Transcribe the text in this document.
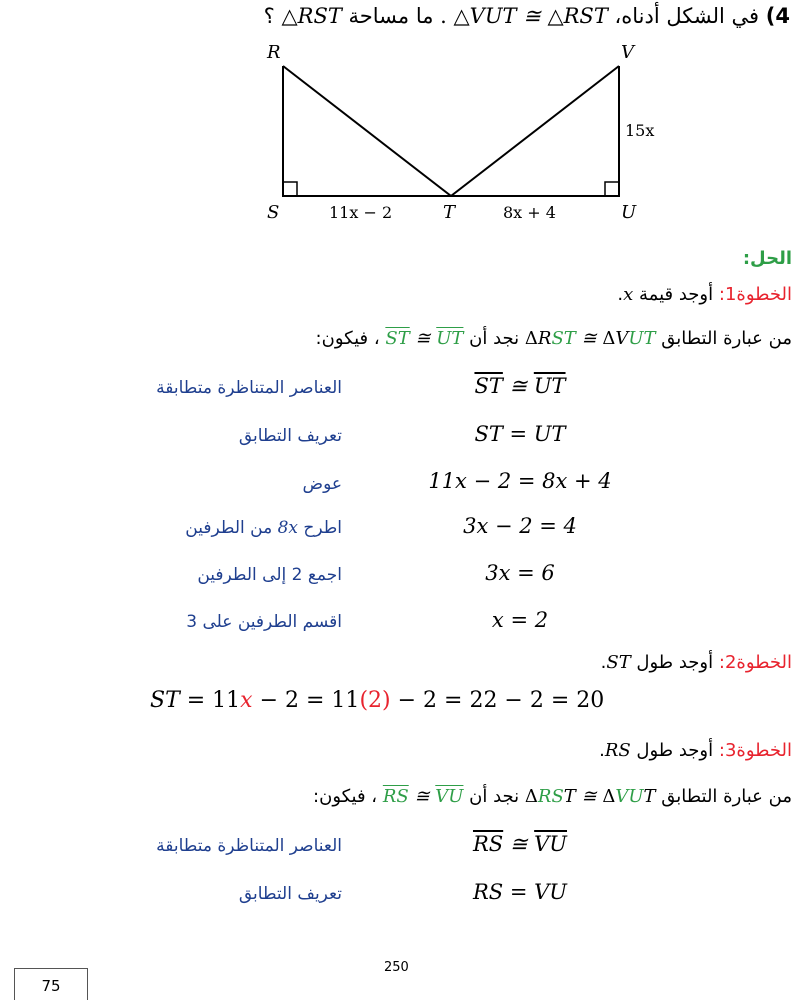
4) في الشكل أدناه، △VUT ≅ △RST . ما مساحة △RST ؟
R
S	T	U
V
11x − 2	8x + 4
15x
الحل:
الخطوة1: أوجد قيمة x.
من عبارة التطابق ΔRST ≅ ΔVUT نجد أن $\overline{ST}$ ≅ $\overline{UT}$ ، فيكون:
العناصر المتناظرة متطابقة	$\overline{ST}$ ≅ $\overline{UT}$
تعريف التطابق	ST = UT
عوض	11x − 2 = 8x + 4
اطرح 8x من الطرفين	3x − 2 = 4
اجمع 2 إلى الطرفين	3x = 6
اقسم الطرفين على 3	x = 2
الخطوة2: أوجد طول ST.
ST = 11x − 2 = 11(2) − 2 = 22 − 2 = 20
الخطوة3: أوجد طول RS.
من عبارة التطابق ΔRST ≅ ΔVUT نجد أن $\overline{RS}$ ≅ $\overline{VU}$ ، فيكون:
العناصر المتناظرة متطابقة	$\overline{RS}$ ≅ $\overline{VU}$
تعريف التطابق	RS = VU
250
75
